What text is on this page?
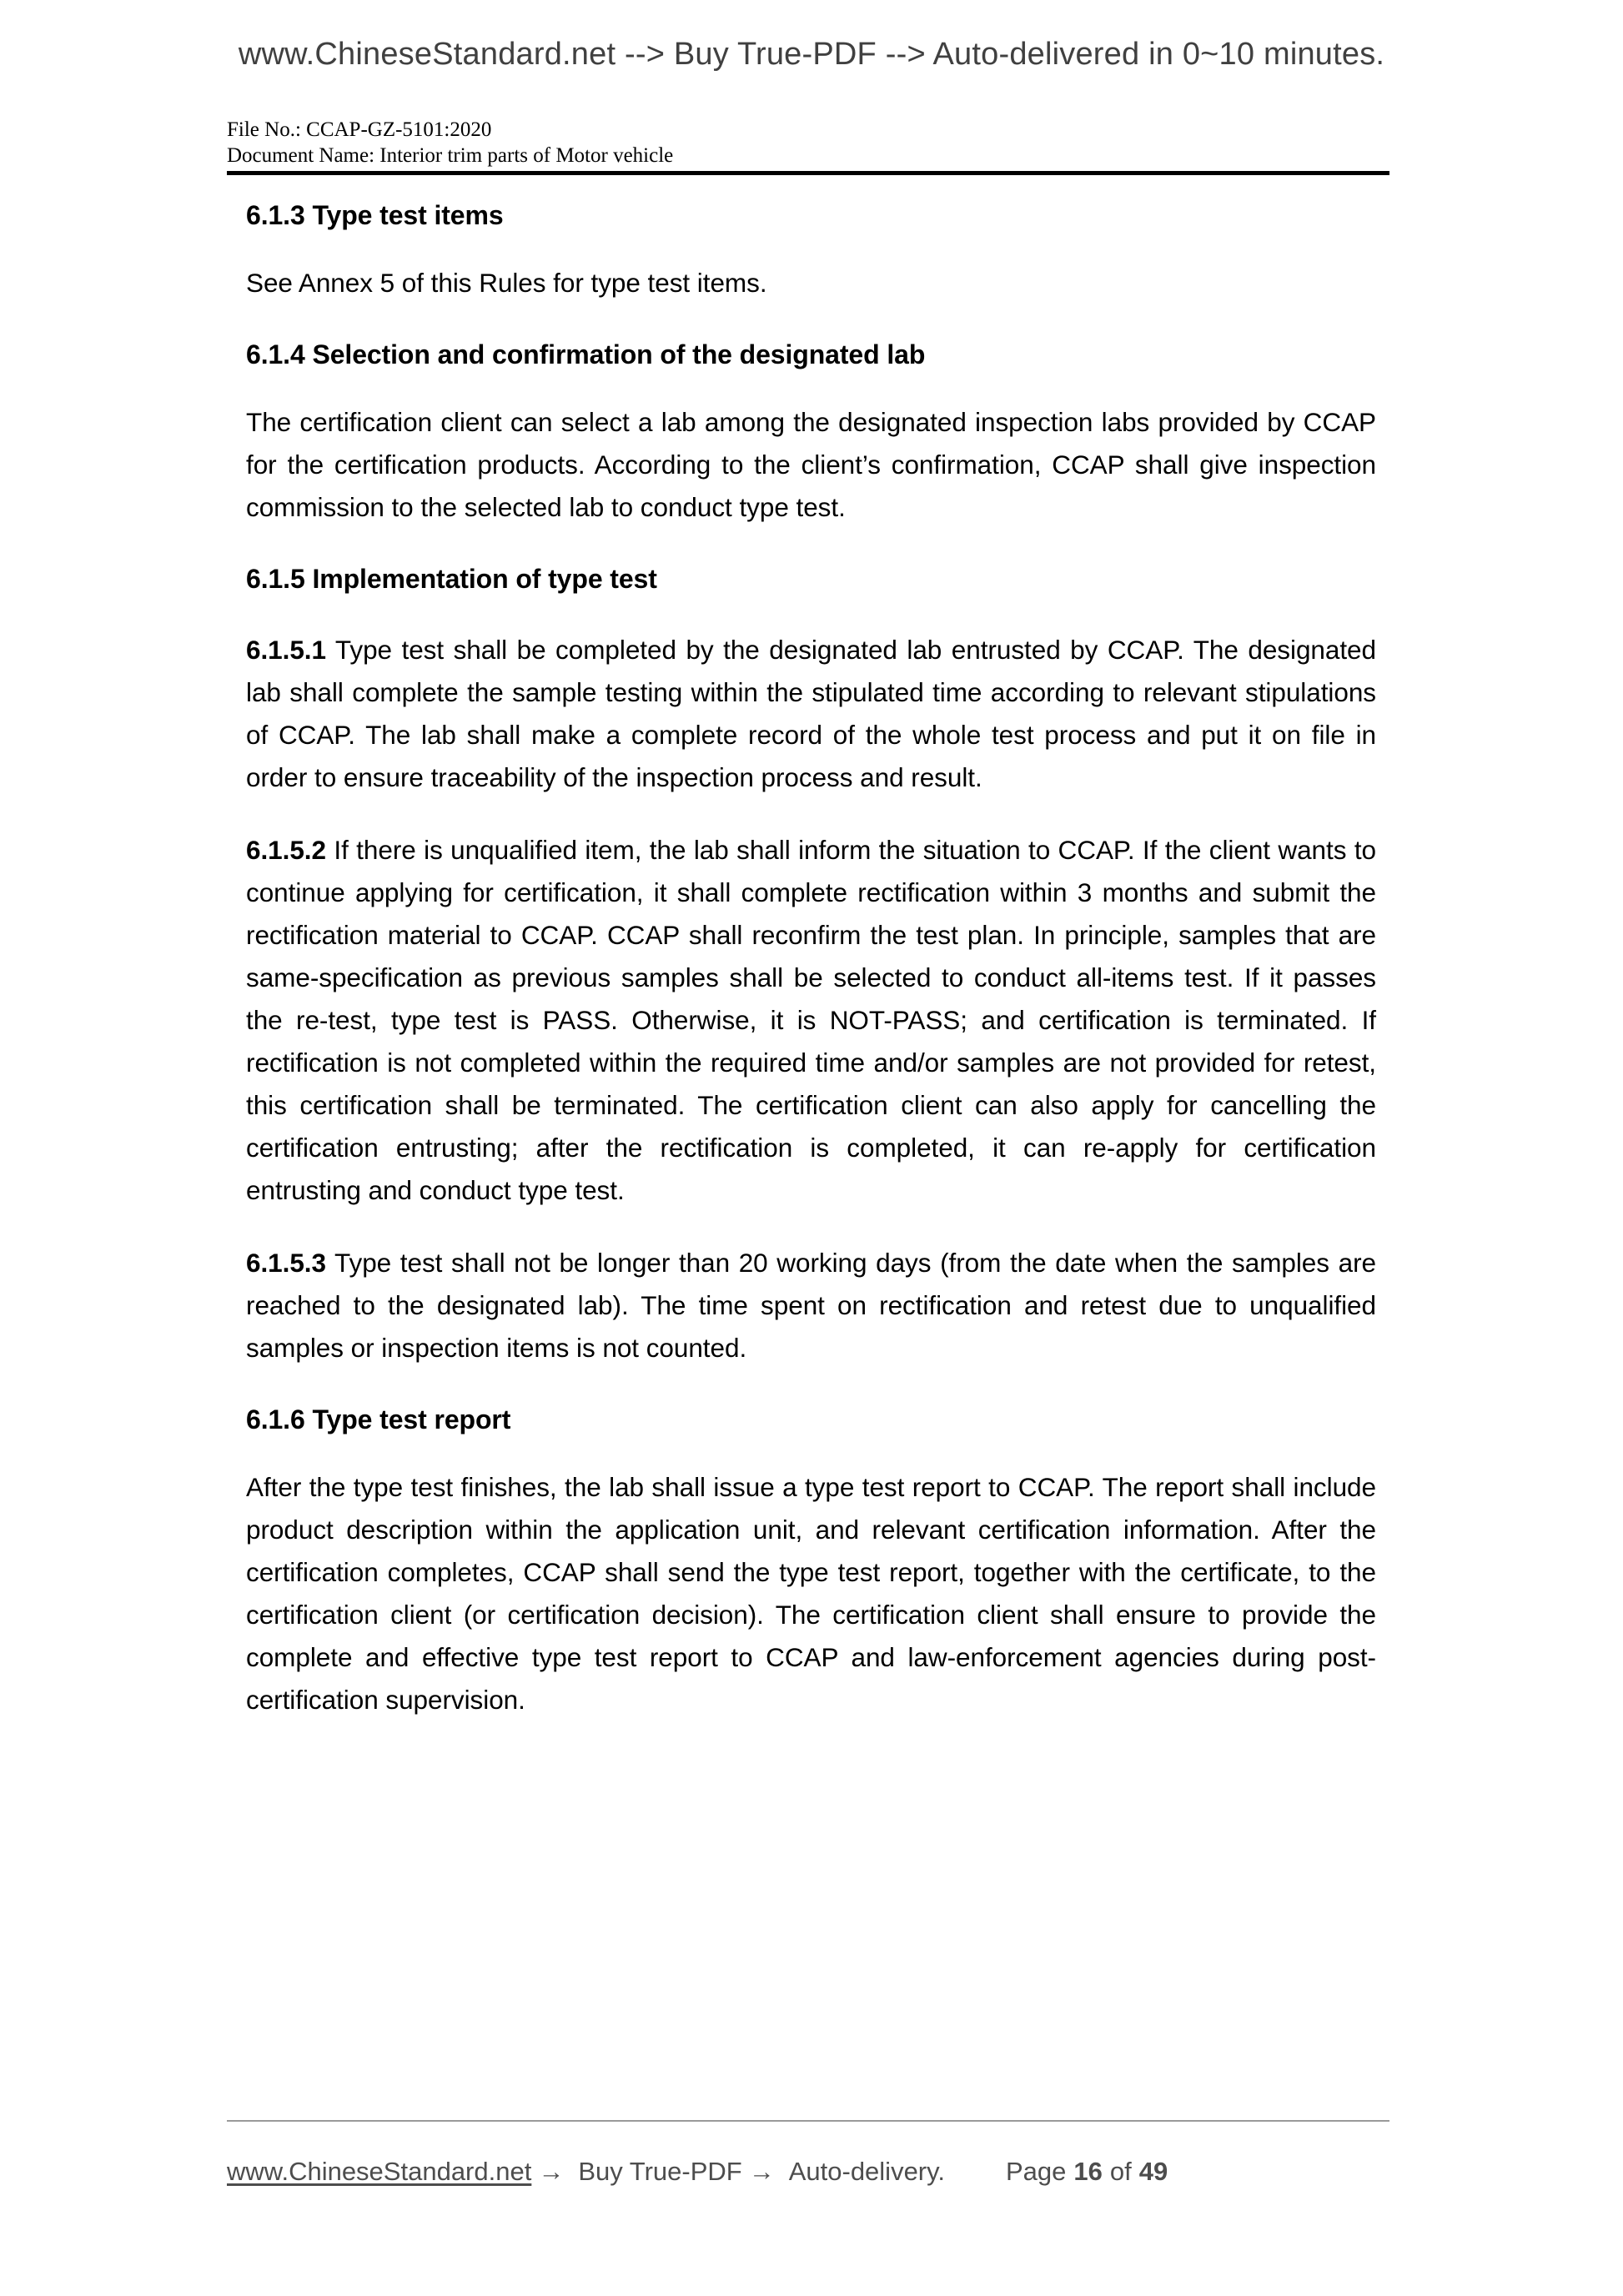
www.ChineseStandard.net --> Buy True-PDF --> Auto-delivered in 0~10 minutes.
File No.: CCAP-GZ-5101:2020
Document Name: Interior trim parts of Motor vehicle
6.1.3 Type test items

See Annex 5 of this Rules for type test items.

6.1.4 Selection and confirmation of the designated lab

The certification client can select a lab among the designated inspection labs provided by CCAP for the certification products. According to the client’s confirmation, CCAP shall give inspection commission to the selected lab to conduct type test.

6.1.5 Implementation of type test

6.1.5.1 Type test shall be completed by the designated lab entrusted by CCAP. The designated lab shall complete the sample testing within the stipulated time according to relevant stipulations of CCAP. The lab shall make a complete record of the whole test process and put it on file in order to ensure traceability of the inspection process and result.

6.1.5.2 If there is unqualified item, the lab shall inform the situation to CCAP. If the client wants to continue applying for certification, it shall complete rectification within 3 months and submit the rectification material to CCAP. CCAP shall reconfirm the test plan. In principle, samples that are same-specification as previous samples shall be selected to conduct all-items test. If it passes the re-test, type test is PASS. Otherwise, it is NOT-PASS; and certification is terminated. If rectification is not completed within the required time and/or samples are not provided for retest, this certification shall be terminated. The certification client can also apply for cancelling the certification entrusting; after the rectification is completed, it can re-apply for certification entrusting and conduct type test.

6.1.5.3 Type test shall not be longer than 20 working days (from the date when the samples are reached to the designated lab). The time spent on rectification and retest due to unqualified samples or inspection items is not counted.

6.1.6 Type test report

After the type test finishes, the lab shall issue a type test report to CCAP. The report shall include product description within the application unit, and relevant certification information. After the certification completes, CCAP shall send the type test report, together with the certificate, to the certification client (or certification decision). The certification client shall ensure to provide the complete and effective type test report to CCAP and law-enforcement agencies during post-certification supervision.

www.ChineseStandard.net → Buy True-PDF → Auto-delivery. Page 16 of 49
